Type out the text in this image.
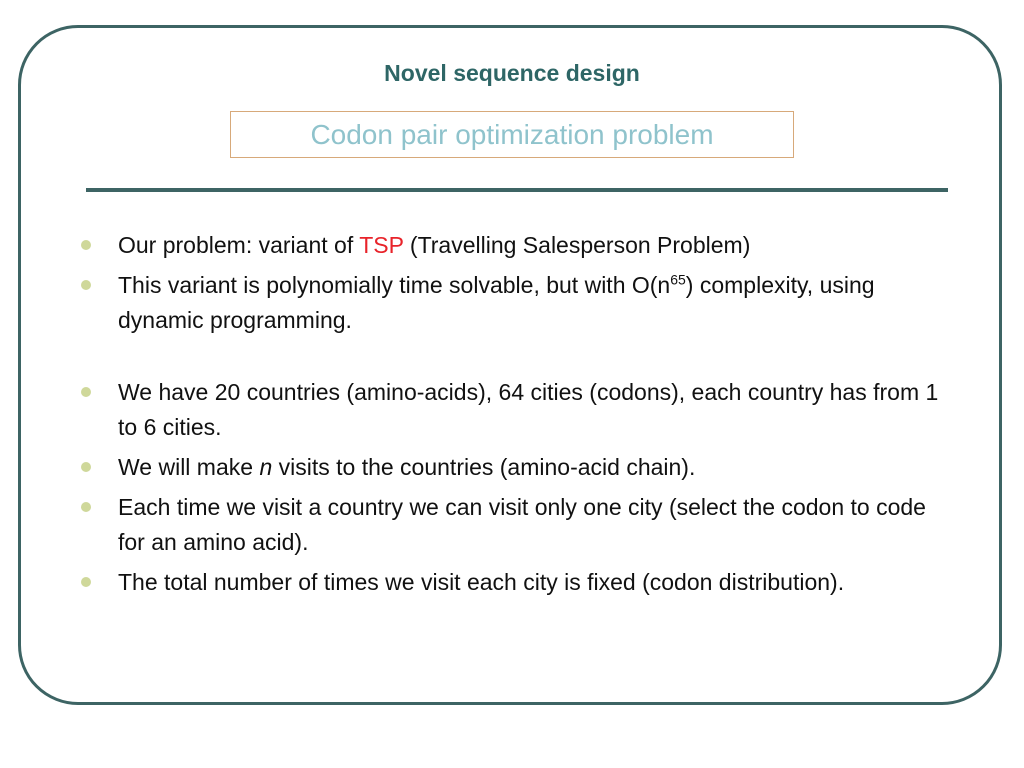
Novel sequence design
Codon pair optimization problem
Our problem: variant of TSP (Travelling Salesperson Problem)
This variant is polynomially time solvable, but with $O(n^{65})$ complexity, using dynamic programming.
We have 20 countries (amino-acids), 64 cities (codons), each country has from 1 to 6 cities.
We will make n visits to the countries (amino-acid chain).
Each time we visit a country we can visit only one city (select the codon to code for an amino acid).
The total number of times we visit each city is fixed (codon distribution).
